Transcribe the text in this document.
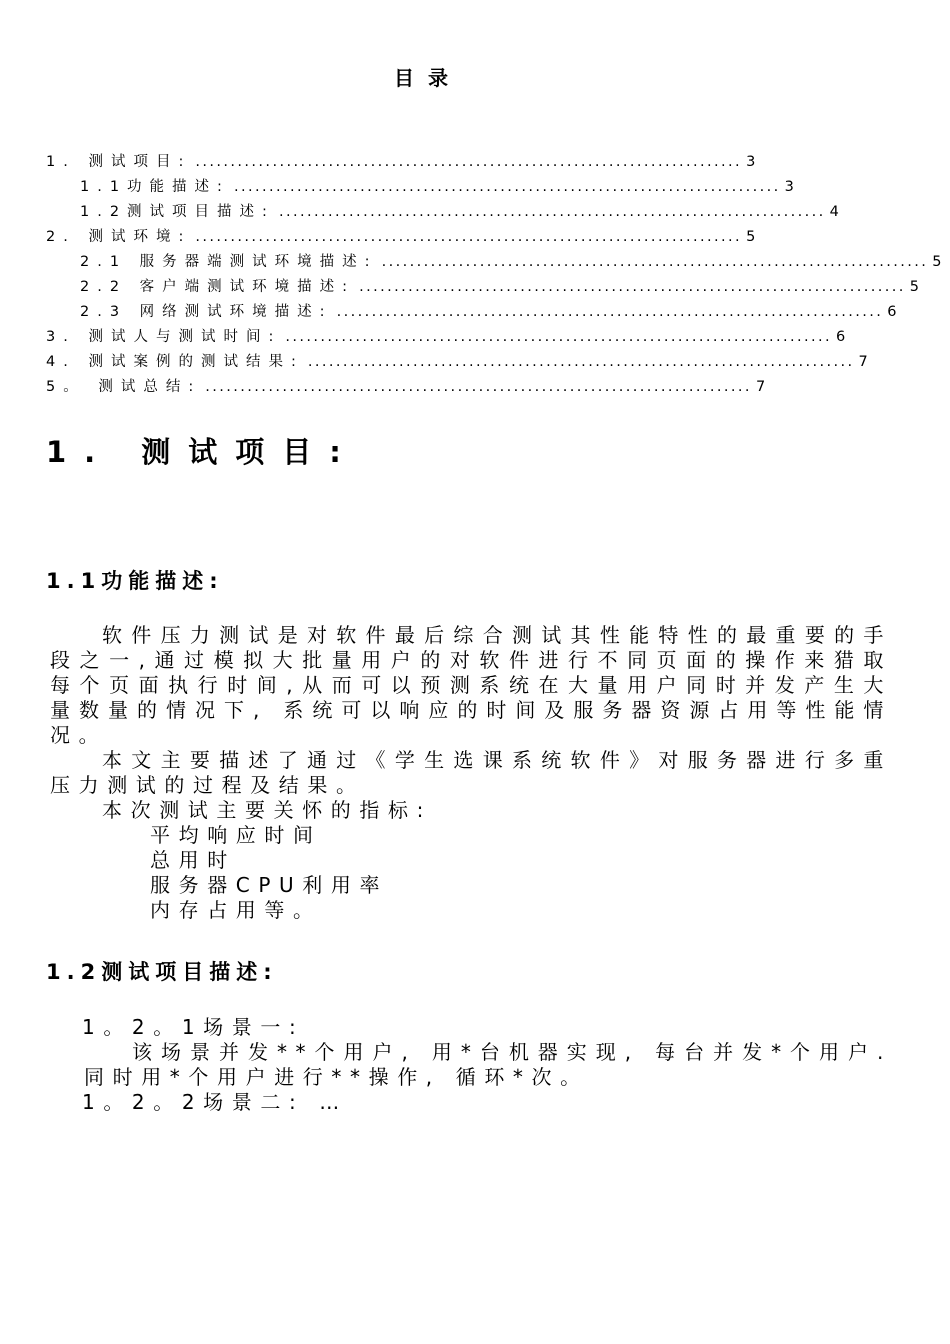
目录
1. 测试项目: .............................................................................. 3
1.1功能描述: .............................................................................. 3
1.2测试项目描述: .............................................................................. 4
2. 测试环境: .............................................................................. 5
2.1 服务器端测试环境描述: .............................................................................. 5
2.2 客户端测试环境描述: .............................................................................. 5
2.3 网络测试环境描述: .............................................................................. 6
3. 测试人与测试时间: .............................................................................. 6
4. 测试案例的测试结果: .............................................................................. 7
5。 测试总结: .............................................................................. 7
1. 测试项目:
1.1功能描述:

软件压力测试是对软件最后综合测试其性能特性的最重要的手段之一,通过模拟大批量用户的对软件进行不同页面的操作来猎取每个页面执行时间,从而可以预测系统在大量用户同时并发产生大量数量的情况下, 系统可以响应的时间及服务器资源占用等性能情况。

本文主要描述了通过《学生选课系统软件》对服务器进行多重压力测试的过程及结果。

本次测试主要关怀的指标:

平均响应时间

总用时

服务器CPU利用率

内存占用等。

1.2测试项目描述:

1。2。1场景一:

该场景并发**个用户, 用*台机器实现, 每台并发*个用户.同时用*个用户进行**操作, 循环*次。

1。2。2场景二: …
